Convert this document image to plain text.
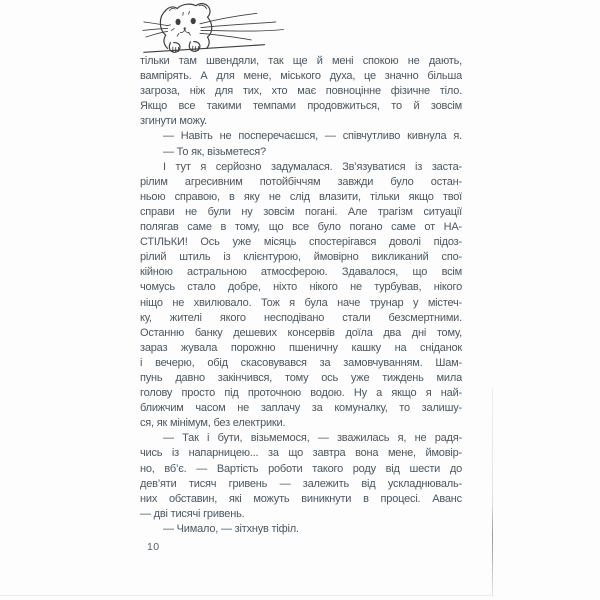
тільки там швендяли, так ще й мені спокою не дають,
вампірять. А для мене, міського духа, це значно більша
загроза, ніж для тих, хто має повноцінне фізичне тіло.
Якщо все такими темпами продовжиться, то й зовсім
згинути можу.
— Навіть не посперечаєшся, — співчутливо кивнула я.
— То як, візьметеся?
І тут я серйозно задумалася. Зв’язуватися із заста-
рілим агресивним потойбіччям завжди було остан-
ньою справою, в яку не слід влазити, тільки якщо твої
справи не були ну зовсім погані. Але трагізм ситуації
полягав саме в тому, що все було погано саме от НА-
СТІЛЬКИ! Ось уже місяць спостерігався доволі підоз-
рілий штиль із клієнтурою, ймовірно викликаний спо-
кійною астральною атмосферою. Здавалося, що всім
чомусь стало добре, ніхто нікого не турбував, нікого
ніщо не хвилювало. Тож я була наче трунар у містеч-
ку, жителі якого несподівано стали безсмертними.
Останню банку дешевих консервів доїла два дні тому,
зараз жувала порожню пшеничну кашку на сніданок
і вечерю, обід скасовувався за замовчуванням. Шам-
пунь давно закінчився, тому ось уже тиждень мила
голову просто під проточною водою. Ну а якщо я най-
ближчим часом не заплачу за комуналку, то залишу-
ся, як мінімум, без електрики.
— Так і бути, візьмемося, — зважилась я, не радя-
чись із напарницею... за що завтра вона мене, ймовір-
но, вб’є. — Вартість роботи такого роду від шести до
дев’яти тисяч гривень — залежить від ускладнюваль-
них обставин, які можуть виникнути в процесі. Аванс
— дві тисячі гривень.
— Чимало, — зітхнув тіфіл.
10
